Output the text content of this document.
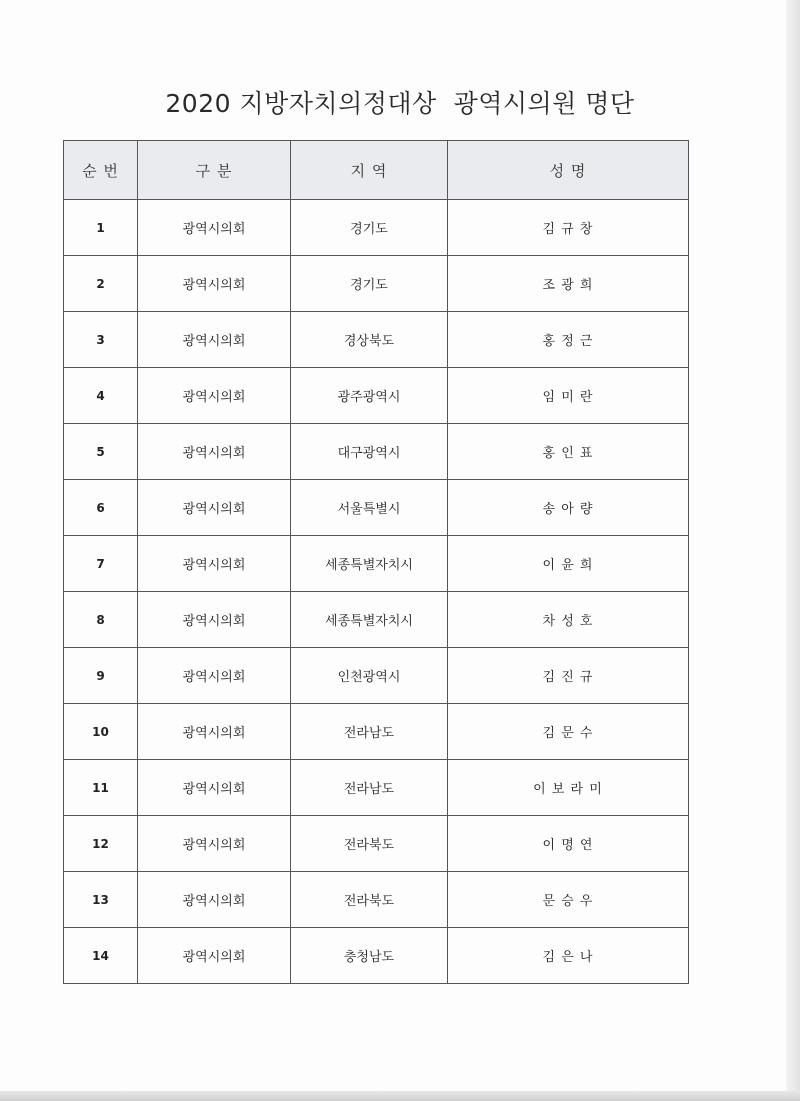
2020 지방자치의정대상  광역시의원 명단
순 번	구 분	지 역	성 명
1	광역시의회	경기도	김 규 창
2	광역시의회	경기도	조 광 희
3	광역시의회	경상북도	홍 정 근
4	광역시의회	광주광역시	임 미 란
5	광역시의회	대구광역시	홍 인 표
6	광역시의회	서울특별시	송 아 량
7	광역시의회	세종특별자치시	이 윤 희
8	광역시의회	세종특별자치시	차 성 호
9	광역시의회	인천광역시	김 진 규
10	광역시의회	전라남도	김 문 수
11	광역시의회	전라남도	이 보 라 미
12	광역시의회	전라북도	이 명 연
13	광역시의회	전라북도	문 승 우
14	광역시의회	충청남도	김 은 나
